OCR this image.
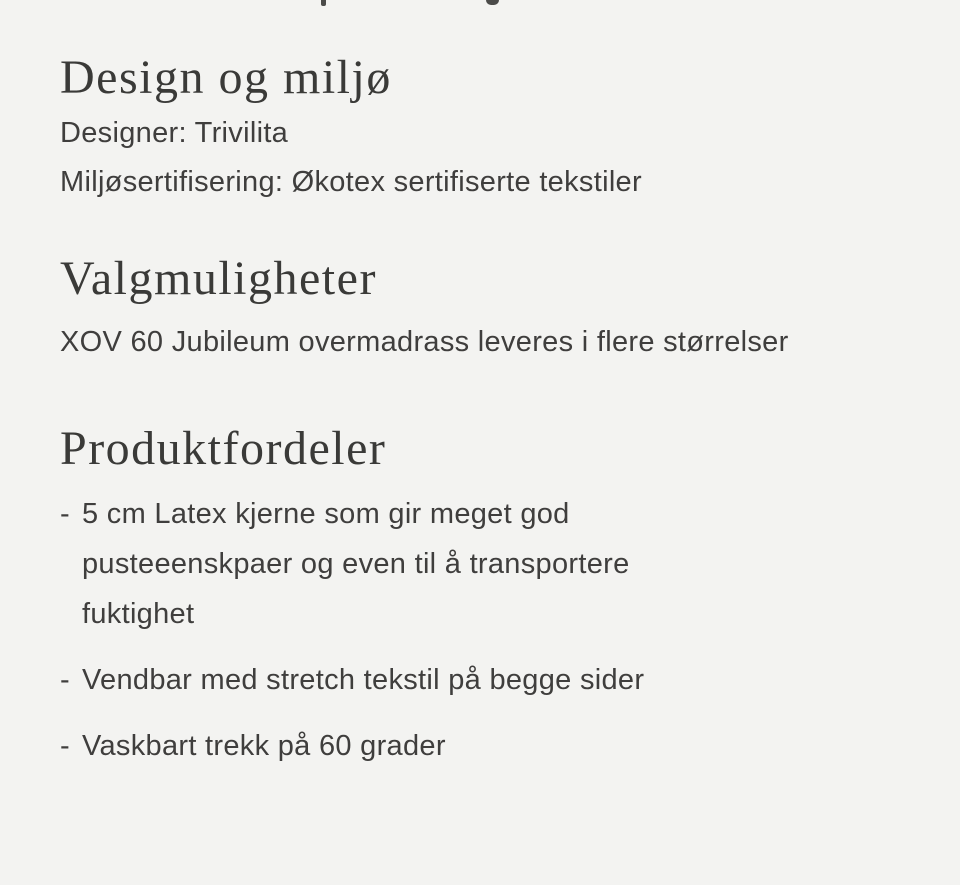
Design og miljø
Designer: Trivilita
Miljøsertifisering: Økotex sertifiserte tekstiler
Valgmuligheter
XOV 60 Jubileum overmadrass leveres i flere størrelser
Produktfordeler
- 5 cm Latex kjerne som gir meget god
pusteeenskpaer og even til å transportere
fuktighet
- Vendbar med stretch tekstil på begge sider
- Vaskbart trekk på 60 grader
